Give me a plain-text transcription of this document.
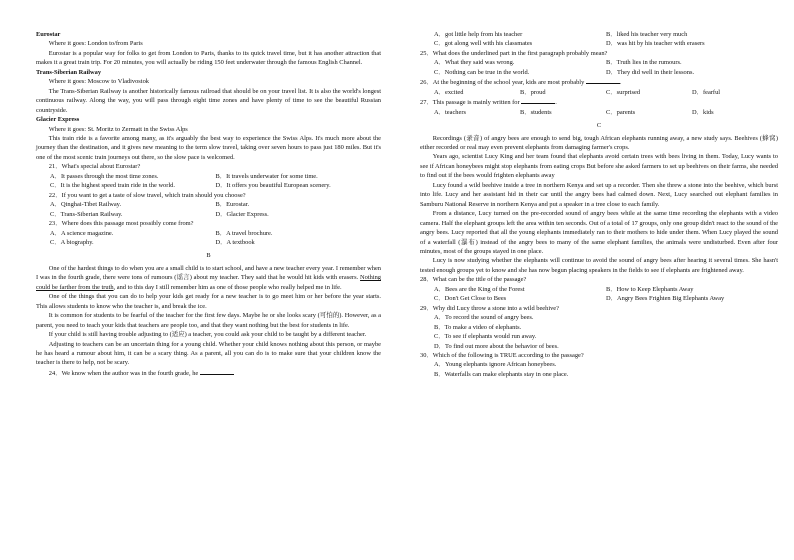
Eurostar

Where it goes: London to/from Paris

Eurostar is a popular way for folks to get from London to Paris, thanks to its quick travel time, but it has another attraction that makes it a great train trip. For 20 minutes, you will actually be riding 150 feet underwater through the famous English Channel.

Trans-Siberian Railway

Where it goes: Moscow to Vladivostok

The Trans-Siberian Railway is another historically famous railroad that should be on your travel list. It is also the world's longest continuous railway. Along the way, you will pass through eight time zones and have plenty of time to see the beautiful Russian countryside.

Glacier Express

Where it goes: St. Moritz to Zermatt in the Swiss Alps

This train ride is a favorite among many, as it's arguably the best way to experience the Swiss Alps. It's much more about the journey than the destination, and it gives new meaning to the term slow travel, taking over seven hours to pass just 180 miles. But it's one of the most scenic train journeys out there, so the slow pace is welcomed.

21．What's special about Eurostar?

A．It passes through the most time zones.	B．It travels underwater for some time.
C．It is the highest speed train ride in the world.	D．It offers you beautiful European scenery.

22．If you want to get a taste of slow travel, which train should you choose?

A．Qinghai-Tibet Railway.	B．Eurostar.
C．Trans-Siberian Railway.	D．Glacier Express.

23．Where does this passage most possibly come from?

A．A science magazine.	B．A travel brochure.
C．A biography.	D．A textbook

B

One of the hardest things to do when you are a small child is to start school, and have a new teacher every year. I remember when I was in the fourth grade, there were tons of rumours (谣言) about my teacher. They said that he would hit kids with erasers. Nothing could be farther from the truth, and to this day I still remember him as one of those people who really helped me in life.

One of the things that you can do to help your kids get ready for a new teacher is to go meet him or her before the year starts. This allows students to know who the teacher is, and break the ice.

It is common for students to be fearful of the teacher for the first few days. Maybe he or she looks scary (可怕的). However, as a parent, you need to teach your kids that teachers are people too, and that they want nothing but the best for students in life.

If your child is still having trouble adjusting to (适应) a teacher, you could ask your child to be taught by a different teacher.

Adjusting to teachers can be an uncertain thing for a young child. Whether your child knows nothing about this person, or maybe he has heard a rumour about him, it can be a scary thing. As a parent, all you can do is to make sure that your children know the teacher is there to help, not be scary.

24．We know when the author was in the fourth grade, he

A．got little help from his teacher	B．liked his teacher very much
C．got along well with his classmates	D．was hit by his teacher with erasers

25．What does the underlined part in the first paragraph probably mean?

A．What they said was wrong.	B．Truth lies in the rumours.
C．Nothing can be true in the world.	D．They did well in their lessons.

26．At the beginning of the school year, kids are most probably	.

A．excited	B．proud	C．surprised	D．fearful

27．This passage is mainly written for	.

A．teachers	B．students	C．parents	D．kids

C

Recordings (录音) of angry bees are enough to send big, tough African elephants running away, a new study says. Beehives (蜂窝) either recorded or real may even prevent elephants from damaging farmer's crops.

Years ago, scientist Lucy King and her team found that elephants avoid certain trees with bees living in them. Today, Lucy wants to see if African honeybees might stop elephants from eating crops But before she asked farmers to set up beehives on their farms, she needed to find out if the bees would frighten elephants away

Lucy found a wild beehive inside a tree in northern Kenya and set up a recorder. Then she threw a stone into the beehive, which burst into life. Lucy and her assistant hid in their car until the angry bees had calmed down. Next, Lucy searched out elephant families in Samburu National Reserve in northern Kenya and put a speaker in a tree close to each family.

From a distance, Lucy turned on the pre-recorded sound of angry bees while at the same time recording the elephants with a video camera. Half the elephant groups left the area within ten seconds. Out of a total of 17 groups, only one group didn't react to the sound of the angry bees. Lucy reported that all the young elephants immediately ran to their mothers to hide under them. When Lucy played the sound of a waterfall (瀑布) instead of the angry bees to many of the same elephant families, the animals were undisturbed. Even after four minutes, most of the groups stayed in one place.

Lucy is now studying whether the elephants will continue to avoid the sound of angry bees after hearing it several times. She hasn't tested enough groups yet to know and she has now begun placing speakers in the fields to see if elephants are frightened away.

28．What can be the title of the passage?

A．Bees are the King of the Forest	B．How to Keep Elephants Away
C．Don't Get Close to Bees	D．Angry Bees Frighten Big Elephants Away

29．Why did Lucy throw a stone into a wild beehive?

A．To record the sound of angry bees.
B．To make a video of elephants.
C．To see if elephants would run away.
D．To find out more about the behavior of bees.

30．Which of the following is TRUE according to the passage?

A．Young elephants ignore African honeybees.
B．Waterfalls can make elephants stay in one place.
